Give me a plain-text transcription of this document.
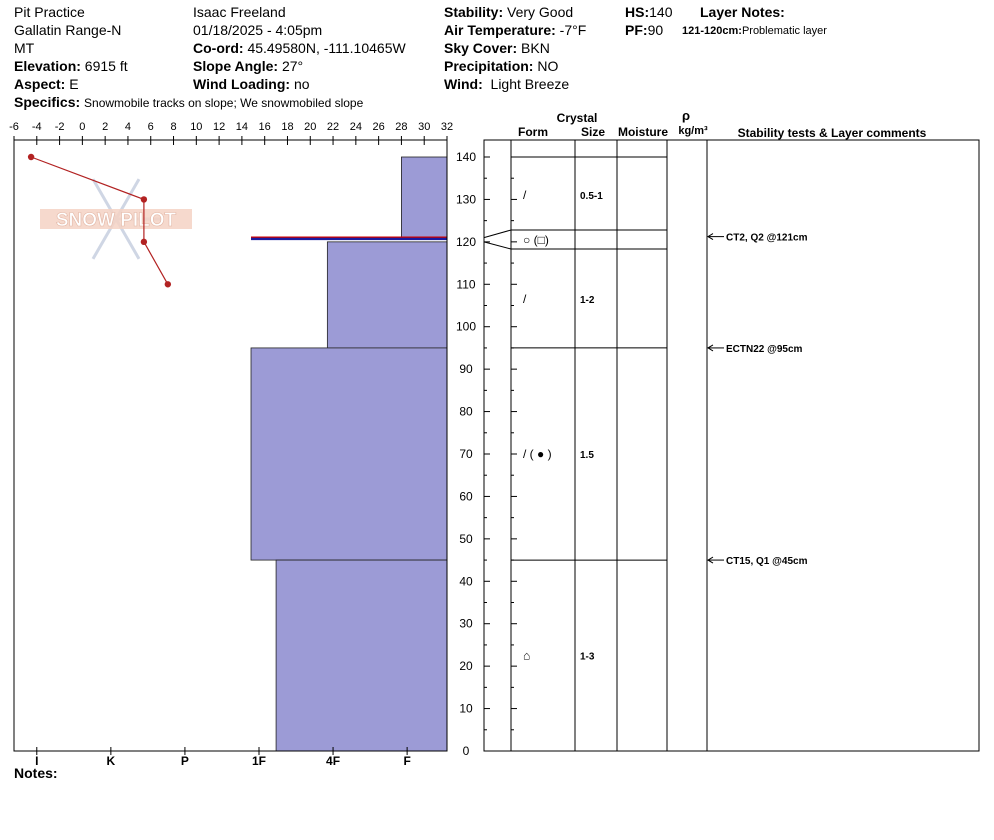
Pit Practice
Gallatin Range-N
MT
Elevation: 6915 ft
Aspect: E
Isaac Freeland
01/18/2025 - 4:05pm
Co-ord: 45.49580N, -111.10465W
Slope Angle: 27°
Wind Loading: no
Stability: Very Good
Air Temperature: -7°F
Sky Cover: BKN
Precipitation: NO
Wind: Light Breeze
HS:140
PF:90
Layer Notes:
121-120cm:Problematic layer
Specifics: Snowmobile tracks on slope; We snowmobiled slope
SNOW PILOT
-6 -4 -2 0 2 4 6 8 10 12 14 16 18 20 22 24 26 28 30 32
I	K	P	1F	4F	F
0
10
20
30
40
50
60
70
80
90
100
110
120
130
140
Crystal
Form	Size Moisture
ρ
kg/m³ Stability tests & Layer comments
/	0.5-1
○ (□)
/	1-2
/ ( ● )	1.5
⌂	1-3
CT2, Q2 @121cm
ECTN22 @95cm
CT15, Q1 @45cm
Notes:
